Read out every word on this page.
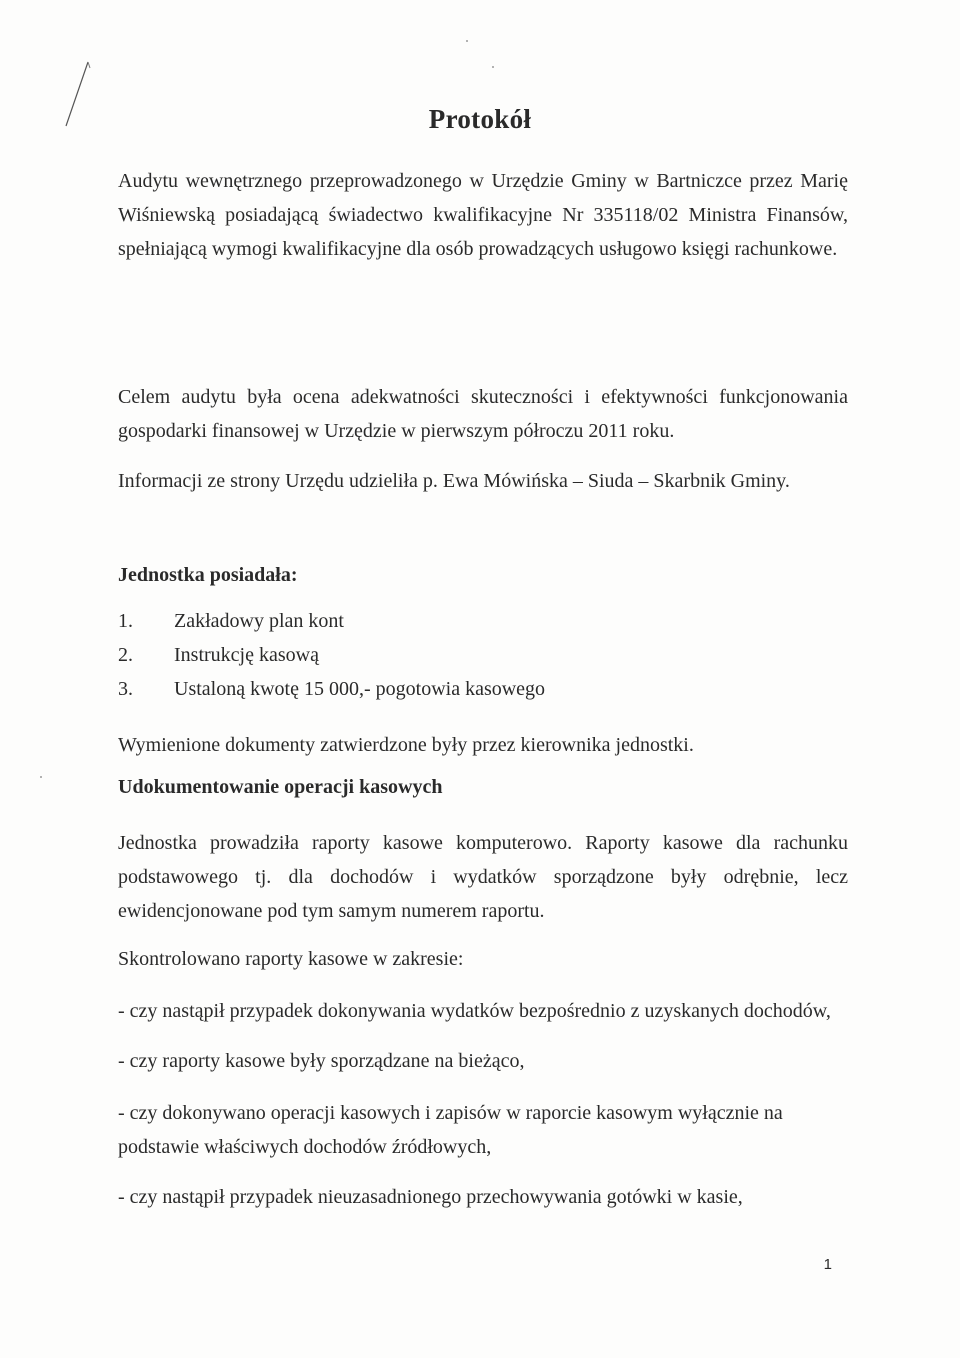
Protokół

Audytu wewnętrznego przeprowadzonego w Urzędzie Gminy w Bartniczce przez Marię Wiśniewską posiadającą świadectwo kwalifikacyjne Nr 335118/02 Ministra Finansów, spełniającą wymogi kwalifikacyjne dla osób prowadzących usługowo księgi rachunkowe.

Celem audytu była ocena adekwatności skuteczności i efektywności funkcjonowania gospodarki finansowej w Urzędzie w pierwszym półroczu 2011 roku.

Informacji ze strony Urzędu udzieliła p. Ewa Mówińska – Siuda – Skarbnik Gminy.

Jednostka posiadała:
1. Zakładowy plan kont
2. Instrukcję kasową
3. Ustaloną kwotę 15 000,- pogotowia kasowego

Wymienione dokumenty zatwierdzone były przez kierownika jednostki.

Udokumentowanie operacji kasowych

Jednostka prowadziła raporty kasowe komputerowo. Raporty kasowe dla rachunku podstawowego tj. dla dochodów i wydatków sporządzone były odrębnie, lecz ewidencjonowane pod tym samym numerem raportu.

Skontrolowano raporty kasowe w zakresie:

- czy nastąpił przypadek dokonywania wydatków bezpośrednio z uzyskanych dochodów,

- czy raporty kasowe były sporządzane na bieżąco,

- czy dokonywano operacji kasowych i zapisów w raporcie kasowym wyłącznie na podstawie właściwych dochodów źródłowych,

- czy nastąpił przypadek nieuzasadnionego przechowywania gotówki w kasie,

1
